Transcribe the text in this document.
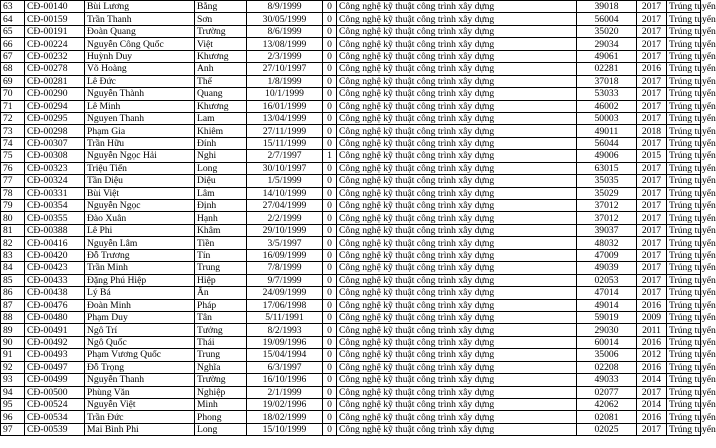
63	CĐ-00140	Bùi Lương	Bằng	8/9/1999	0	Công nghệ kỹ thuật công trình xây dựng	39018	2017	Trúng tuyển
64	CĐ-00159	Trần Thanh	Sơn	30/05/1999	0	Công nghệ kỹ thuật công trình xây dựng	56004	2017	Trúng tuyển
65	CĐ-00191	Đoàn Quang	Trường	8/6/1999	0	Công nghệ kỹ thuật công trình xây dựng	35020	2017	Trúng tuyển
66	CĐ-00224	Nguyễn Công Quốc	Việt	13/08/1999	0	Công nghệ kỹ thuật công trình xây dựng	29034	2017	Trúng tuyển
67	CĐ-00232	Huỳnh Duy	Khương	2/3/1999	0	Công nghệ kỹ thuật công trình xây dựng	49061	2017	Trúng tuyển
68	CĐ-00278	Võ Hoàng	Anh	27/10/1997	0	Công nghệ kỹ thuật công trình xây dựng	02281	2016	Trúng tuyển
69	CĐ-00281	Lê Đức	Thể	1/8/1999	0	Công nghệ kỹ thuật công trình xây dựng	37018	2017	Trúng tuyển
70	CĐ-00290	Nguyễn Thành	Quang	10/1/1999	0	Công nghệ kỹ thuật công trình xây dựng	53033	2017	Trúng tuyển
71	CĐ-00294	Lê Minh	Khương	16/01/1999	0	Công nghệ kỹ thuật công trình xây dựng	46002	2017	Trúng tuyển
72	CĐ-00295	Nguyen Thanh	Lam	13/04/1999	0	Công nghệ kỹ thuật công trình xây dựng	50003	2017	Trúng tuyển
73	CĐ-00298	Phạm Gia	Khiêm	27/11/1999	0	Công nghệ kỹ thuật công trình xây dựng	49011	2018	Trúng tuyển
74	CĐ-00307	Trần Hữu	Đính	15/11/1999	0	Công nghệ kỹ thuật công trình xây dựng	56044	2017	Trúng tuyển
75	CĐ-00308	Nguyễn Ngọc Hải	Nghi	2/7/1997	1	Công nghệ kỹ thuật công trình xây dựng	49006	2015	Trúng tuyển
76	CĐ-00323	Triệu Tiến	Long	30/10/1997	0	Công nghệ kỹ thuật công trình xây dựng	63015	2017	Trúng tuyển
77	CĐ-00324	Tần Diệu	Diệu	1/5/1999	0	Công nghệ kỹ thuật công trình xây dựng	35035	2017	Trúng tuyển
78	CĐ-00331	Bùi Việt	Lâm	14/10/1999	0	Công nghệ kỹ thuật công trình xây dựng	35029	2017	Trúng tuyển
79	CĐ-00354	Nguyễn Ngọc	Định	27/04/1999	0	Công nghệ kỹ thuật công trình xây dựng	37012	2017	Trúng tuyển
80	CĐ-00355	Đào Xuân	Hạnh	2/2/1999	0	Công nghệ kỹ thuật công trình xây dựng	37012	2017	Trúng tuyển
81	CĐ-00388	Lê Phi	Khâm	29/10/1999	0	Công nghệ kỹ thuật công trình xây dựng	39037	2017	Trúng tuyển
82	CĐ-00416	Nguyễn Lâm	Tiền	3/5/1997	0	Công nghệ kỹ thuật công trình xây dựng	48032	2017	Trúng tuyển
83	CĐ-00420	Đỗ Trương	Tín	16/09/1999	0	Công nghệ kỹ thuật công trình xây dựng	47009	2017	Trúng tuyển
84	CĐ-00423	Trần Minh	Trung	7/8/1999	0	Công nghệ kỹ thuật công trình xây dựng	49039	2017	Trúng tuyển
85	CĐ-00433	Đặng Phú Hiệp	Hiệp	9/7/1999	0	Công nghệ kỹ thuật công trình xây dựng	02053	2017	Trúng tuyển
86	CĐ-00438	Lý Bá	Ân	24/09/1999	0	Công nghệ kỹ thuật công trình xây dựng	47014	2017	Trúng tuyển
87	CĐ-00476	Đoàn Minh	Pháp	17/06/1998	0	Công nghệ kỹ thuật công trình xây dựng	49014	2016	Trúng tuyển
88	CĐ-00480	Phạm Duy	Tân	5/11/1991	0	Công nghệ kỹ thuật công trình xây dựng	59019	2009	Trúng tuyển
89	CĐ-00491	Ngô Trí	Tưởng	8/2/1993	0	Công nghệ kỹ thuật công trình xây dựng	29030	2011	Trúng tuyển
90	CĐ-00492	Ngô Quốc	Thái	19/09/1996	0	Công nghệ kỹ thuật công trình xây dựng	60014	2016	Trúng tuyển
91	CĐ-00493	Phạm Vương Quốc	Trung	15/04/1994	0	Công nghệ kỹ thuật công trình xây dựng	35006	2012	Trúng tuyển
92	CĐ-00497	Đỗ Trọng	Nghĩa	6/3/1997	0	Công nghệ kỹ thuật công trình xây dựng	02208	2016	Trúng tuyển
93	CĐ-00499	Nguyễn Thanh	Trường	16/10/1996	0	Công nghệ kỹ thuật công trình xây dựng	49033	2014	Trúng tuyển
94	CĐ-00500	Phùng Văn	Nghiệp	2/1/1999	0	Công nghệ kỹ thuật công trình xây dựng	02077	2017	Trúng tuyển
95	CĐ-00524	Nguyễn Việt	Minh	19/02/1996	0	Công nghệ kỹ thuật công trình xây dựng	42062	2014	Trúng tuyển
96	CĐ-00534	Trần Đức	Phong	18/02/1999	0	Công nghệ kỹ thuật công trình xây dựng	02081	2016	Trúng tuyển
97	CĐ-00539	Mai Bình Phi	Long	15/10/1999	0	Công nghệ kỹ thuật công trình xây dựng	02025	2017	Trúng tuyển
